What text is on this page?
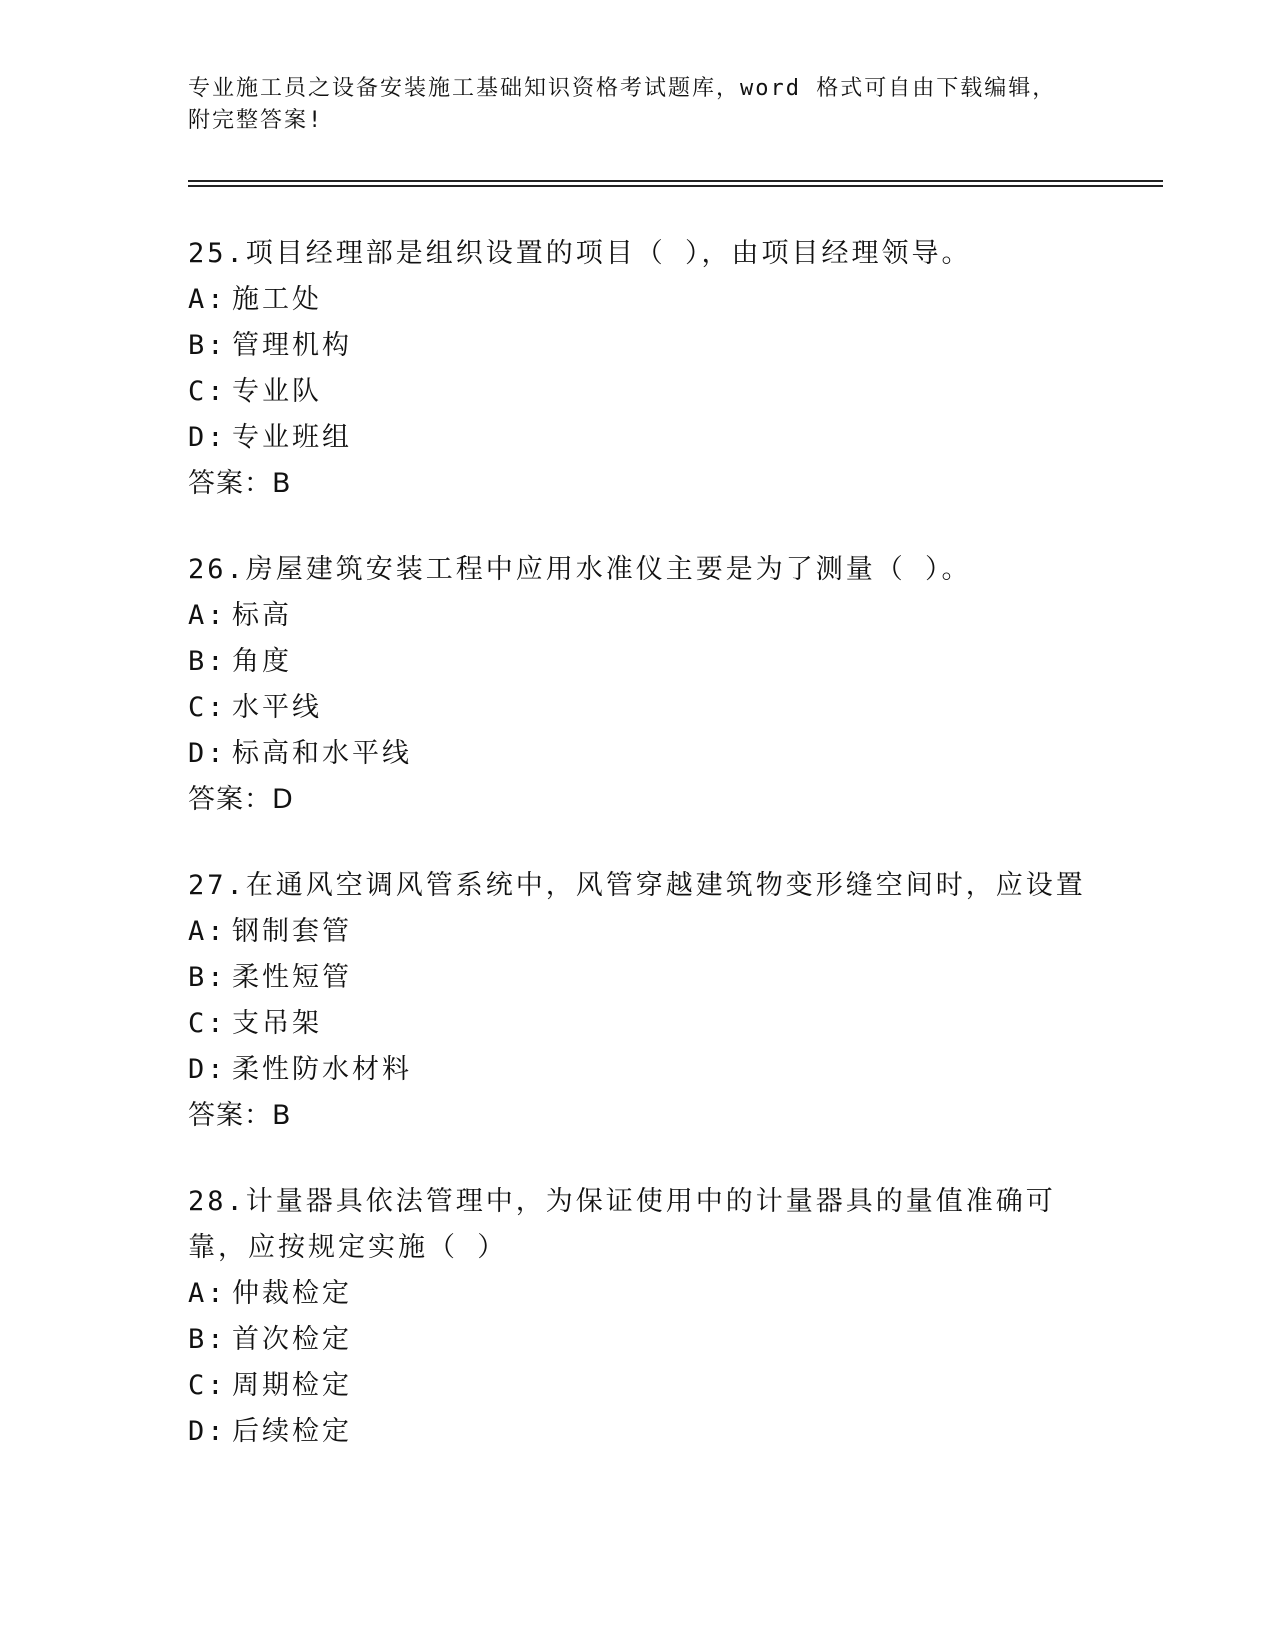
专业施工员之设备安装施工基础知识资格考试题库，word 格式可自由下载编辑，
附完整答案!
25.项目经理部是组织设置的项目（ ），由项目经理领导。
A: 施工处
B: 管理机构
C: 专业队
D: 专业班组
答案：B
26.房屋建筑安装工程中应用水准仪主要是为了测量（ ）。
A: 标高
B: 角度
C: 水平线
D: 标高和水平线
答案：D
27.在通风空调风管系统中，风管穿越建筑物变形缝空间时，应设置
A: 钢制套管
B: 柔性短管
C: 支吊架
D: 柔性防水材料
答案：B
28.计量器具依法管理中，为保证使用中的计量器具的量值准确可靠，应按规定实施（ ）
A: 仲裁检定
B: 首次检定
C: 周期检定
D: 后续检定
